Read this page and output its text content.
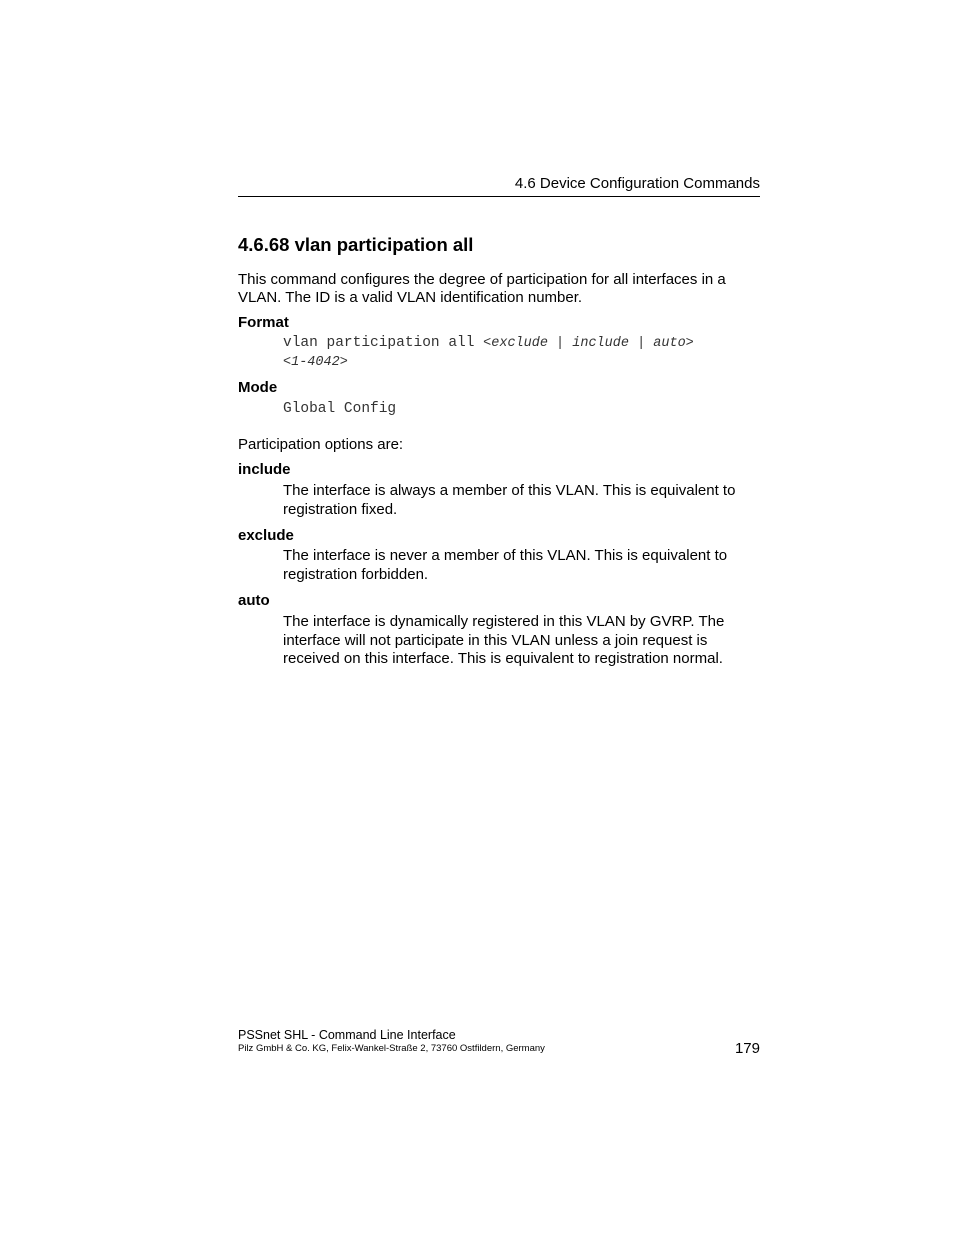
4.6 Device Configuration Commands
4.6.68 vlan participation all
This command configures the degree of participation for all interfaces in a VLAN. The ID is a valid VLAN identification number.
Format
vlan participation all <exclude | include | auto>
<1-4042>
Mode
Global Config
Participation options are:
include
The interface is always a member of this VLAN. This is equivalent to registration fixed.
exclude
The interface is never a member of this VLAN. This is equivalent to registration forbidden.
auto
The interface is dynamically registered in this VLAN by GVRP. The interface will not participate in this VLAN unless a join request is received on this interface. This is equivalent to registration normal.
PSSnet SHL - Command Line Interface
Pilz GmbH & Co. KG, Felix-Wankel-Straße 2, 73760 Ostfildern, Germany	179
